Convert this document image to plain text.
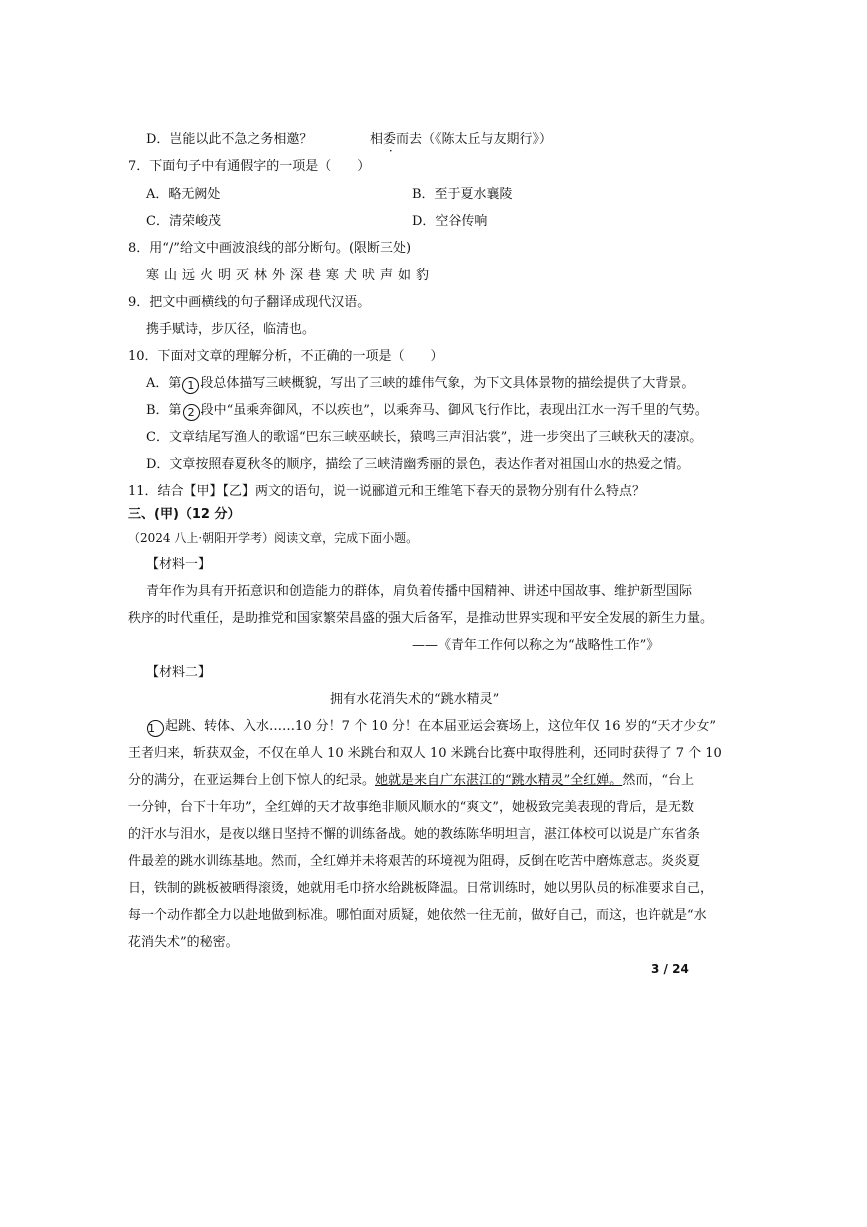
D．岂能以此不急之务相邀？	相委而去（《陈太丘与友期行》）
7．下面句子中有通假字的一项是（　　）
A．略无阙处	B．至于夏水襄陵
C．清荣峻茂	D．空谷传响
8．用“/”给文中画波浪线的部分断句。(限断三处)
寒山远火明灭林外深巷寒犬吠声如豹
9．把文中画横线的句子翻译成现代汉语。
携手赋诗，步仄径，临清也。
10．下面对文章的理解分析，不正确的一项是（　　）
A．第 1 段总体描写三峡概貌，写出了三峡的雄伟气象，为下文具体景物的描绘提供了大背景。
B．第 2 段中“虽乘奔御风，不以疾也”，以乘奔马、御风飞行作比，表现出江水一泻千里的气势。
C．文章结尾写渔人的歌谣“巴东三峡巫峡长，猿鸣三声泪沾裳”，进一步突出了三峡秋天的凄凉。
D．文章按照春夏秋冬的顺序，描绘了三峡清幽秀丽的景色，表达作者对祖国山水的热爱之情。
11．结合【甲】【乙】两文的语句，说一说郦道元和王维笔下春天的景物分别有什么特点？
三、(甲)（12 分）
（2024 八上·朝阳开学考）阅读文章，完成下面小题。
【材料一】
青年作为具有开拓意识和创造能力的群体，肩负着传播中国精神、讲述中国故事、维护新型国际
秩序的时代重任，是助推党和国家繁荣昌盛的强大后备军，是推动世界实现和平安全发展的新生力量。
——《青年工作何以称之为“战略性工作”》
【材料二】
拥有水花消失术的“跳水精灵”
1 起跳、转体、入水……10 分！7 个 10 分！在本届亚运会赛场上，这位年仅 16 岁的“天才少女”
王者归来，斩获双金，不仅在单人 10 米跳台和双人 10 米跳台比赛中取得胜利，还同时获得了 7 个 10
分的满分，在亚运舞台上创下惊人的纪录。她就是来自广东湛江的“跳水精灵”全红婵。然而，“台上
一分钟，台下十年功”，全红婵的天才故事绝非顺风顺水的“爽文”，她极致完美表现的背后，是无数
的汗水与泪水，是夜以继日坚持不懈的训练备战。她的教练陈华明坦言，湛江体校可以说是广东省条
件最差的跳水训练基地。然而，全红婵并未将艰苦的环境视为阻碍，反倒在吃苦中磨炼意志。炎炎夏
日，铁制的跳板被晒得滚烫，她就用毛巾挤水给跳板降温。日常训练时，她以男队员的标准要求自己，
每一个动作都全力以赴地做到标准。哪怕面对质疑，她依然一往无前，做好自己，而这，也许就是“水
花消失术”的秘密。
3 / 24
